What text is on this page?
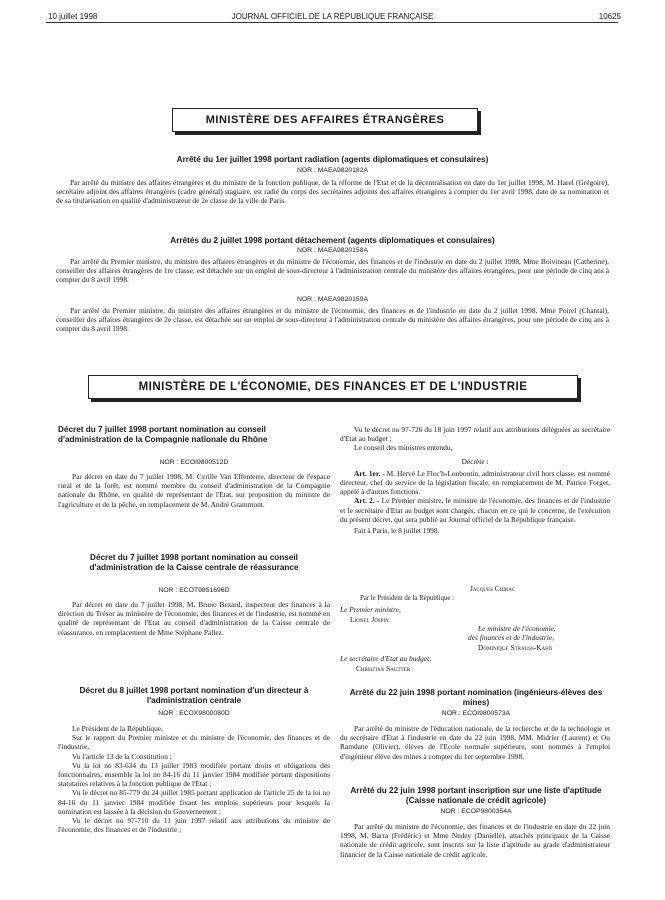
10 juillet 1998	JOURNAL OFFICIEL DE LA RÉPUBLIQUE FRANÇAISE	10625
MINISTÈRE DES AFFAIRES ÉTRANGÈRES
Arrêté du 1er juillet 1998 portant radiation (agents diplomatiques et consulaires)
NOR : MAEA9820182A

Par arrêté du ministre des affaires étrangères et du ministre de la fonction publique, de la réforme de l'Etat et de la décentralisation en date du 1er juillet 1998, M. Harel (Grégoire), secrétaire adjoint des affaires étrangères (cadre général) stagiaire, est radié du corps des secrétaires adjoints des affaires étrangères à compter du 1er avril 1998, date de sa nomination et de sa titularisation en qualité d'administrateur de 2e classe de la ville de Paris.

Arrêtés du 2 juillet 1998 portant détachement (agents diplomatiques et consulaires)
NOR : MAEA9820158A

Par arrêté du Premier ministre, du ministre des affaires étrangères et du ministre de l'économie, des finances et de l'industrie en date du 2 juillet 1998, Mme Boivineau (Catherine), conseiller des affaires étrangères de 1re classe, est détachée sur un emploi de sous-directeur à l'administration centrale du ministère des affaires étrangères, pour une période de cinq ans à compter du 8 avril 1998.

NOR : MAEA9820159A

Par arrêté du Premier ministre, du ministre des affaires étrangères et du ministre de l'économie, des finances et de l'industrie en date du 2 juillet 1998, Mme Poirel (Chantal), conseiller des affaires étrangères de 2e classe, est détachée sur un emploi de sous-directeur à l'administration centrale du ministère des affaires étrangères, pour une période de cinq ans à compter du 8 avril 1998.

MINISTÈRE DE L'ÉCONOMIE, DES FINANCES ET DE L'INDUSTRIE
Décret du 7 juillet 1998 portant nomination au conseil d'administration de la Compagnie nationale du Rhône
NOR : ECOI9800512D

Par décret en date du 7 juillet 1998, M. Cyrille Van Effenterre, directeur de l'espace rural et de la forêt, est nommé membre du conseil d'administration de la Compagnie nationale du Rhône, en qualité de représentant de l'Etat, sur proposition du ministre de l'agriculture et de la pêche, en remplacement de M. André Grammont.

Décret du 7 juillet 1998 portant nomination au conseil d'administration de la Caisse centrale de réassurance
NOR : ECOT9851696D

Par décret en date du 7 juillet 1998, M. Bruno Bezard, inspecteur des finances à la direction du Trésor au ministère de l'économie, des finances et de l'industrie, est nommé en qualité de représentant de l'Etat au conseil d'administration de la Caisse centrale de réassurance, en remplacement de Mme Stéphane Pallez.

Décret du 8 juillet 1998 portant nomination d'un directeur à l'administration centrale
NOR : ECOX9800080D

Le Président de la République,

Sur le rapport du Premier ministre et du ministre de l'économie, des finances et de l'industrie,

Vu l'article 13 de la Constitution ;

Vu la loi no 83-634 du 13 juillet 1983 modifiée portant droits et obligations des fonctionnaires, ensemble la loi no 84-16 du 11 janvier 1984 modifiée portant dispositions statutaires relatives à la fonction publique de l'Etat ;

Vu le décret no 85-779 du 24 juillet 1985 portant application de l'article 25 de la loi no 84-16 du 11 janvier 1984 modifiée fixant les emplois supérieurs pour lesquels la nomination est laissée à la décision du Gouvernement ;

Vu le décret no 97-710 du 11 juin 1997 relatif aux attributions du ministre de l'économie, des finances et de l'industrie ;

Vu le décret no 97-726 du 18 juin 1997 relatif aux attributions déléguées au secrétaire d'Etat au budget ;

Le conseil des ministres entendu,

Décrète :

Art. 1er. - M. Hervé Le Floc'h-Louboutin, administrateur civil hors classe, est nommé directeur, chef du service de la législation fiscale, en remplacement de M. Patrice Forget, appelé à d'autres fonctions.

Art. 2. - Le Premier ministre, le ministre de l'économie, des finances et de l'industrie et le secrétaire d'Etat au budget sont chargés, chacun en ce qui le concerne, de l'exécution du présent décret, qui sera publié au Journal officiel de la République française.

Fait à Paris, le 8 juillet 1998.

Jacques Chirac
Par le Président de la République :
Le Premier ministre,
Lionel Jospin
Le ministre de l'économie,
des finances et de l'industrie,
Dominique Strauss-Kahn
Le secrétaire d'Etat au budget,
Christian Sautter
Arrêté du 22 juin 1998 portant nomination (ingénieurs-élèves des mines)
NOR : ECOI9800573A

Par arrêté du ministre de l'éducation nationale, de la recherche et de la technologie et du secrétaire d'Etat à l'industrie en date du 22 juin 1998, MM. Midrier (Laurent) et Ou Ramdane (Olivier), élèves de l'Ecole normale supérieure, sont nommés à l'emploi d'ingénieur élève des mines à compter du 1er septembre 1998.

Arrêté du 22 juin 1998 portant inscription sur une liste d'aptitude (Caisse nationale de crédit agricole)
NOR : ECOP9800354A

Par arrêté du ministre de l'économie, des finances et de l'industrie en date du 22 juin 1998, M. Barra (Frédéric) et Mme Nedey (Danielle), attachés principaux de la Caisse nationale de crédit agricole, sont inscrits sur la liste d'aptitude au grade d'administrateur financier de la Caisse nationale de crédit agricole.
